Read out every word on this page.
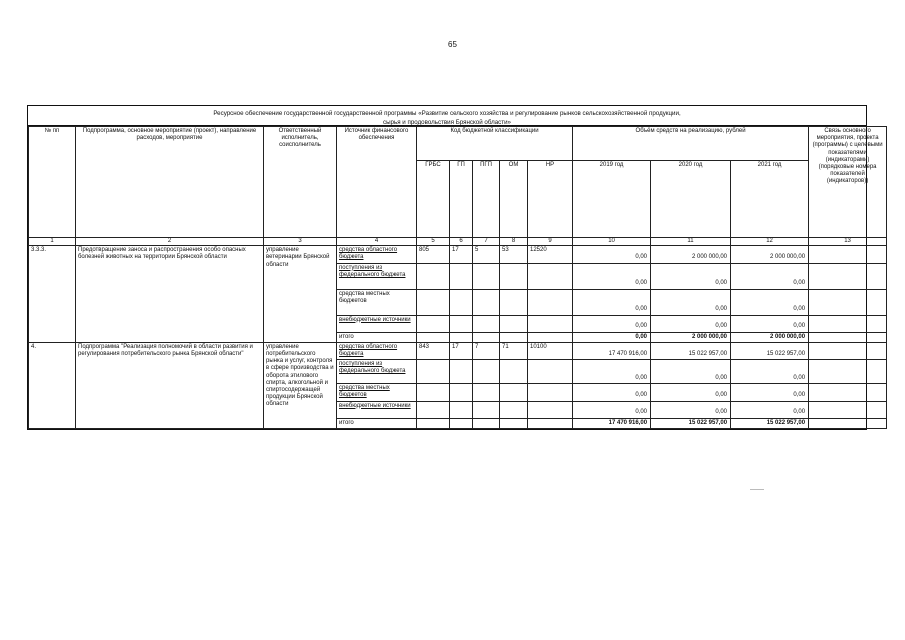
65
Ресурсное обеспечение государственной государственной программы «Развитие сельского хозяйства и регулирование рынков сельскохозяйственной продукции,
сырья и продовольствия Брянской области»
№ пп	Подпрограмма, основное мероприятие (проект), направление расходов, мероприятие	Ответственный исполнитель, соисполнитель	Источник финансового обеспечения	Код бюджетной классификации					Объём средств на реализацию, рублей			Связь основного мероприятия, проекта (программы) с целевыми показателями (индикаторами) (порядковые номера показателей (индикаторов))
				ГРБС	ГП	ПГП	ОМ	НР	2019 год	2020 год	2021 год	
1	2	3	4	5	6	7	8	9	10	11	12	13
3.3.3.	Предотвращение заноса и распространения особо опасных болезней животных на территории Брянской области	управление ветеринарии Брянской области	средства областного бюджета	805	17	5	53	12520	0,00	2 000 000,00	2 000 000,00	
			поступления из федерального бюджета						0,00	0,00	0,00	
			средства местных бюджетов						0,00	0,00	0,00	
			внебюджетные источники						0,00	0,00	0,00	
			итого						0,00	2 000 000,00	2 000 000,00	
4.	Подпрограмма "Реализация полномочий в области развития и регулирования потребительского рынка Брянской области"	управление потребительского рынка и услуг, контроля в сфере производства и оборота этилового спирта, алкогольной и спиртосодержащей продукции Брянской области	средства областного бюджета	843	17	7	71	10100	17 470 916,00	15 022 957,00	15 022 957,00	
			поступления из федерального бюджета						0,00	0,00	0,00	
			средства местных бюджетов						0,00	0,00	0,00	
			внебюджетные источники						0,00	0,00	0,00	
			итого						17 470 916,00	15 022 957,00	15 022 957,00	
